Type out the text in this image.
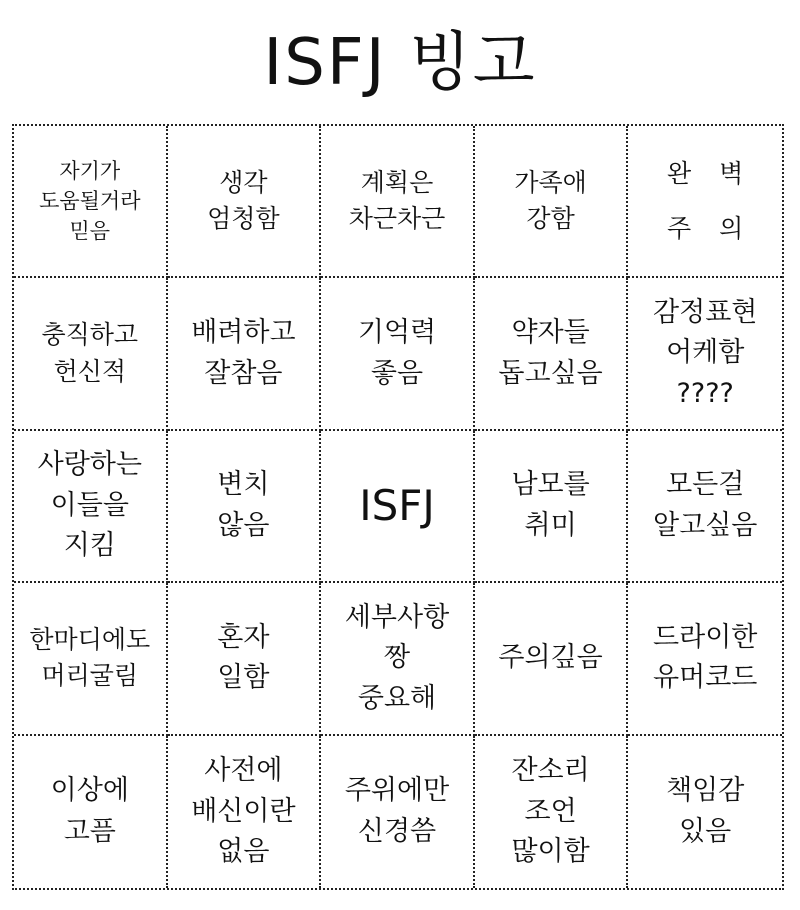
ISFJ 빙고
자기가
도움될거라
믿음
생각
엄청함
계획은
차근차근
가족애
강함
완벽
주의
충직하고
헌신적
배려하고
잘참음
기억력
좋음
약자들
돕고싶음
감정표현
어케함
????
사랑하는
이들을
지킴
변치
않음	ISFJ	남모를
취미
모든걸
알고싶음
한마디에도
머리굴림
혼자
일함
세부사항
짱
중요해
주의깊음
드라이한
유머코드
이상에
고픔
사전에
배신이란
없음
주위에만
신경씀
잔소리
조언
많이함
책임감
있음
